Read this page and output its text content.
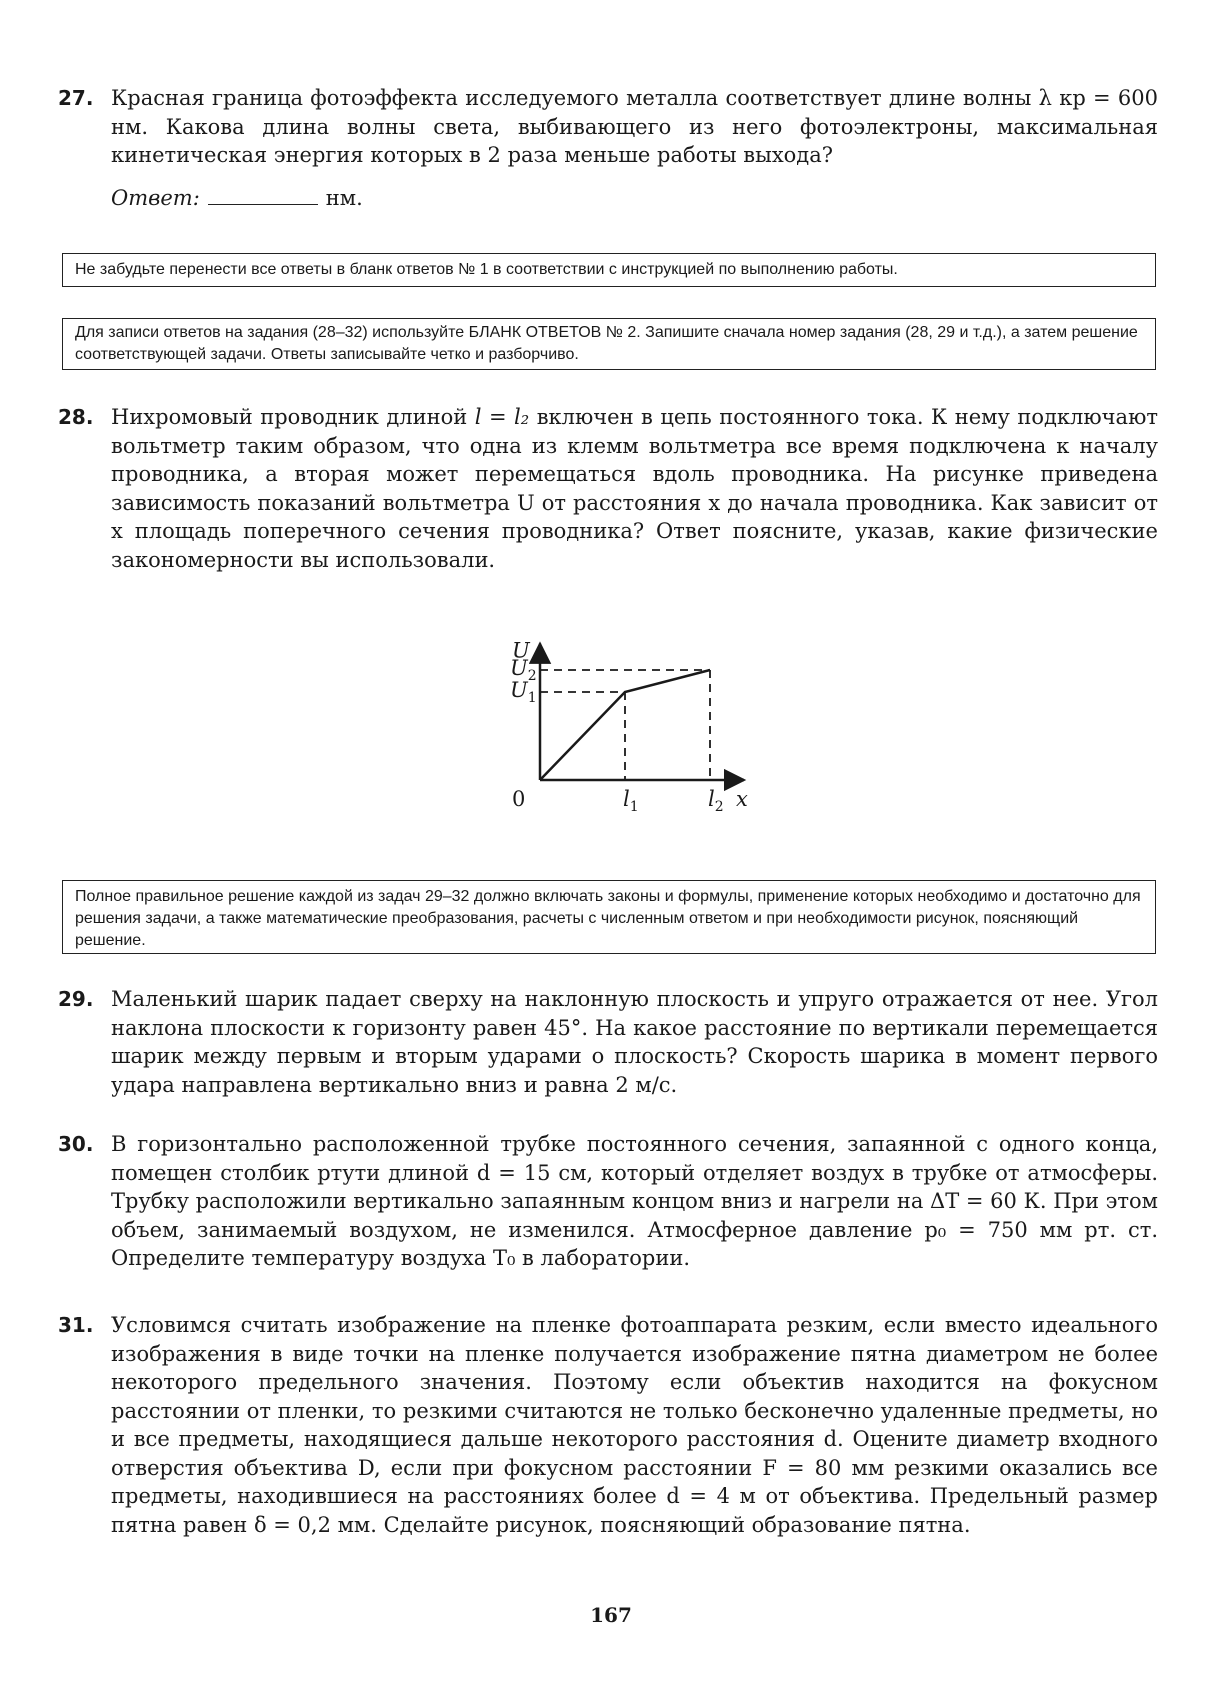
27. Красная граница фотоэффекта исследуемого металла соответствует длине волны λ кр = 600 нм. Какова длина волны света, выбивающего из него фотоэлектроны, максимальная кинетическая энергия которых в 2 раза меньше работы выхода?
Ответ:	нм.
Не забудьте перенести все ответы в бланк ответов № 1 в соответствии с инструкцией по выполнению работы.
Для записи ответов на задания (28–32) используйте БЛАНК ОТВЕТОВ № 2. Запишите сначала номер задания (28, 29 и т.д.), а затем решение соответствующей задачи. Ответы записывайте четко и разборчиво.
28. Нихромовый проводник длиной l = l₂ включен в цепь постоянного тока. К нему подключают вольтметр таким образом, что одна из клемм вольтметра все время подключена к началу проводника, а вторая может перемещаться вдоль проводника. На рисунке приведена зависимость показаний вольтметра U от расстояния x до начала проводника. Как зависит от x площадь поперечного сечения проводника? Ответ поясните, указав, какие физические закономерности вы использовали.
U
x
0
$U_1$
$U_2$
$l_1$	$l_2$
Полное правильное решение каждой из задач 29–32 должно включать законы и формулы, применение которых необходимо и достаточно для решения задачи, а также математические преобразования, расчеты с численным ответом и при необходимости рисунок, поясняющий решение.
29. Маленький шарик падает сверху на наклонную плоскость и упруго отражается от нее. Угол наклона плоскости к горизонту равен 45°. На какое расстояние по вертикали перемещается шарик между первым и вторым ударами о плоскость? Скорость шарика в момент первого удара направлена вертикально вниз и равна 2 м/с.
30. В горизонтально расположенной трубке постоянного сечения, запаянной с одного конца, помещен столбик ртути длиной d = 15 см, который отделяет воздух в трубке от атмосферы. Трубку расположили вертикально запаянным концом вниз и нагрели на ΔT = 60 К. При этом объем, занимаемый воздухом, не изменился. Атмосферное давление p₀ = 750 мм рт. ст. Определите температуру воздуха T₀ в лаборатории.
31. Условимся считать изображение на пленке фотоаппарата резким, если вместо идеального изображения в виде точки на пленке получается изображение пятна диаметром не более некоторого предельного значения. Поэтому если объектив находится на фокусном расстоянии от пленки, то резкими считаются не только бесконечно удаленные предметы, но и все предметы, находящиеся дальше некоторого расстояния d. Оцените диаметр входного отверстия объектива D, если при фокусном расстоянии F = 80 мм резкими оказались все предметы, находившиеся на расстояниях более d = 4 м от объектива. Предельный размер пятна равен δ = 0,2 мм. Сделайте рисунок, поясняющий образование пятна.
167
